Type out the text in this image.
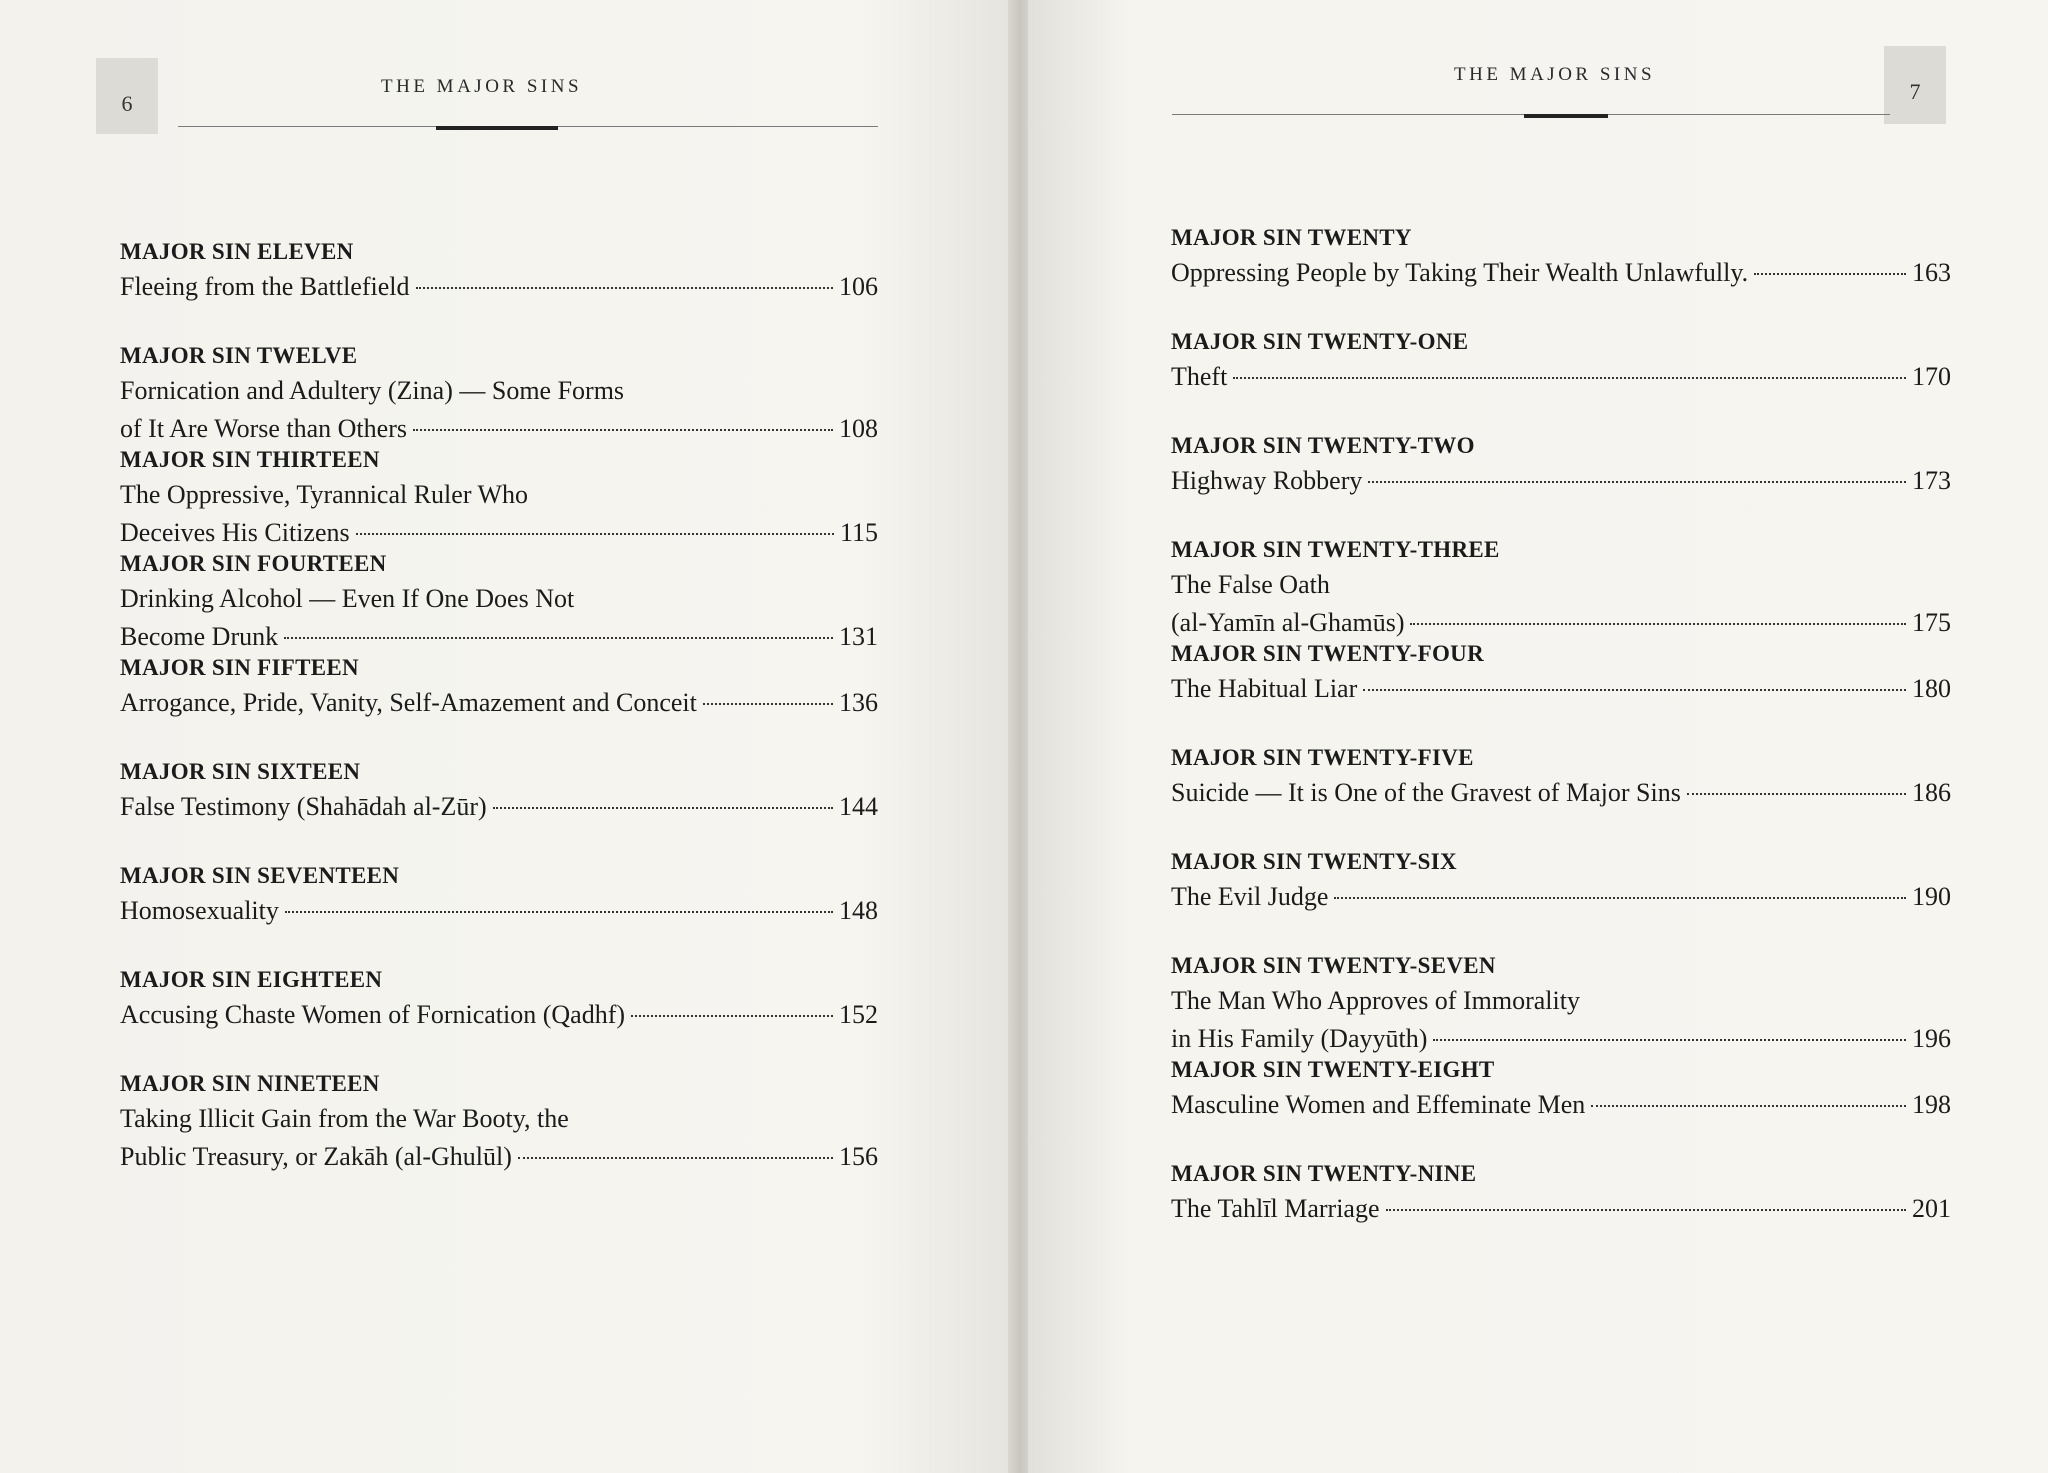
6
THE MAJOR SINS
MAJOR SIN ELEVEN
Fleeing from the Battlefield	106
MAJOR SIN TWELVE
Fornication and Adultery (Zina) — Some Forms
of It Are Worse than Others	108
MAJOR SIN THIRTEEN
The Oppressive, Tyrannical Ruler Who
Deceives His Citizens	115
MAJOR SIN FOURTEEN
Drinking Alcohol — Even If One Does Not
Become Drunk	131
MAJOR SIN FIFTEEN
Arrogance, Pride, Vanity, Self-Amazement and Conceit	136
MAJOR SIN SIXTEEN
False Testimony (Shahādah al-Zūr)	144
MAJOR SIN SEVENTEEN
Homosexuality	148
MAJOR SIN EIGHTEEN
Accusing Chaste Women of Fornication (Qadhf)	152
MAJOR SIN NINETEEN
Taking Illicit Gain from the War Booty, the
Public Treasury, or Zakāh (al-Ghulūl)	156
7
THE MAJOR SINS
MAJOR SIN TWENTY
Oppressing People by Taking Their Wealth Unlawfully.	163
MAJOR SIN TWENTY-ONE
Theft	170
MAJOR SIN TWENTY-TWO
Highway Robbery	173
MAJOR SIN TWENTY-THREE
The False Oath
(al-Yamīn al-Ghamūs)	175
MAJOR SIN TWENTY-FOUR
The Habitual Liar	180
MAJOR SIN TWENTY-FIVE
Suicide — It is One of the Gravest of Major Sins	186
MAJOR SIN TWENTY-SIX
The Evil Judge	190
MAJOR SIN TWENTY-SEVEN
The Man Who Approves of Immorality
in His Family (Dayyūth)	196
MAJOR SIN TWENTY-EIGHT
Masculine Women and Effeminate Men	198
MAJOR SIN TWENTY-NINE
The Tahlīl Marriage	201
